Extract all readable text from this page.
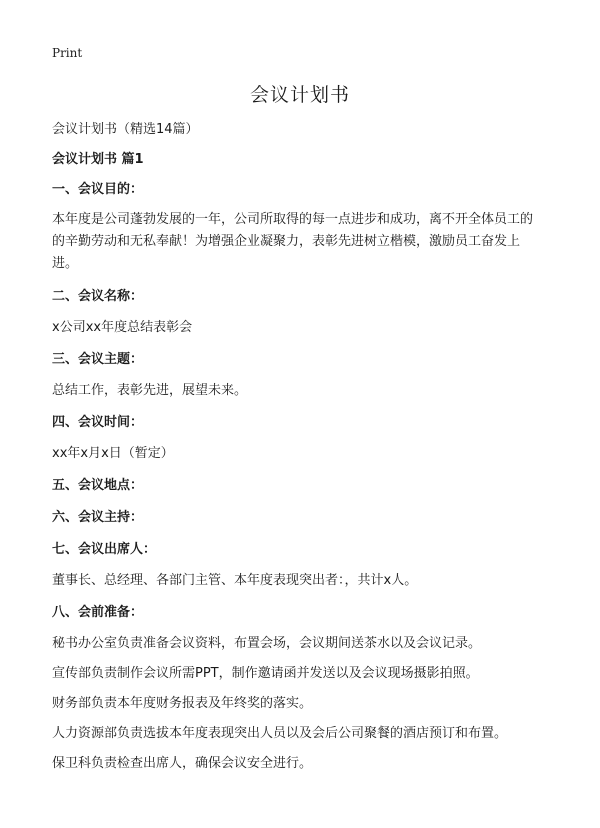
Print
会议计划书

会议计划书（精选14篇）

会议计划书 篇1

一、会议目的：

本年度是公司蓬勃发展的一年，公司所取得的每一点进步和成功，离不开全体员工的的辛勤劳动和无私奉献！为增强企业凝聚力，表彰先进树立楷模，激励员工奋发上进。

二、会议名称：

x公司xx年度总结表彰会

三、会议主题：

总结工作，表彰先进，展望未来。

四、会议时间：

xx年x月x日（暂定）

五、会议地点：

六、会议主持：

七、会议出席人：

董事长、总经理、各部门主管、本年度表现突出者：，共计x人。

八、会前准备：

秘书办公室负责准备会议资料，布置会场，会议期间送茶水以及会议记录。

宣传部负责制作会议所需PPT，制作邀请函并发送以及会议现场摄影拍照。

财务部负责本年度财务报表及年终奖的落实。

人力资源部负责选拔本年度表现突出人员以及会后公司聚餐的酒店预订和布置。

保卫科负责检查出席人，确保会议安全进行。
